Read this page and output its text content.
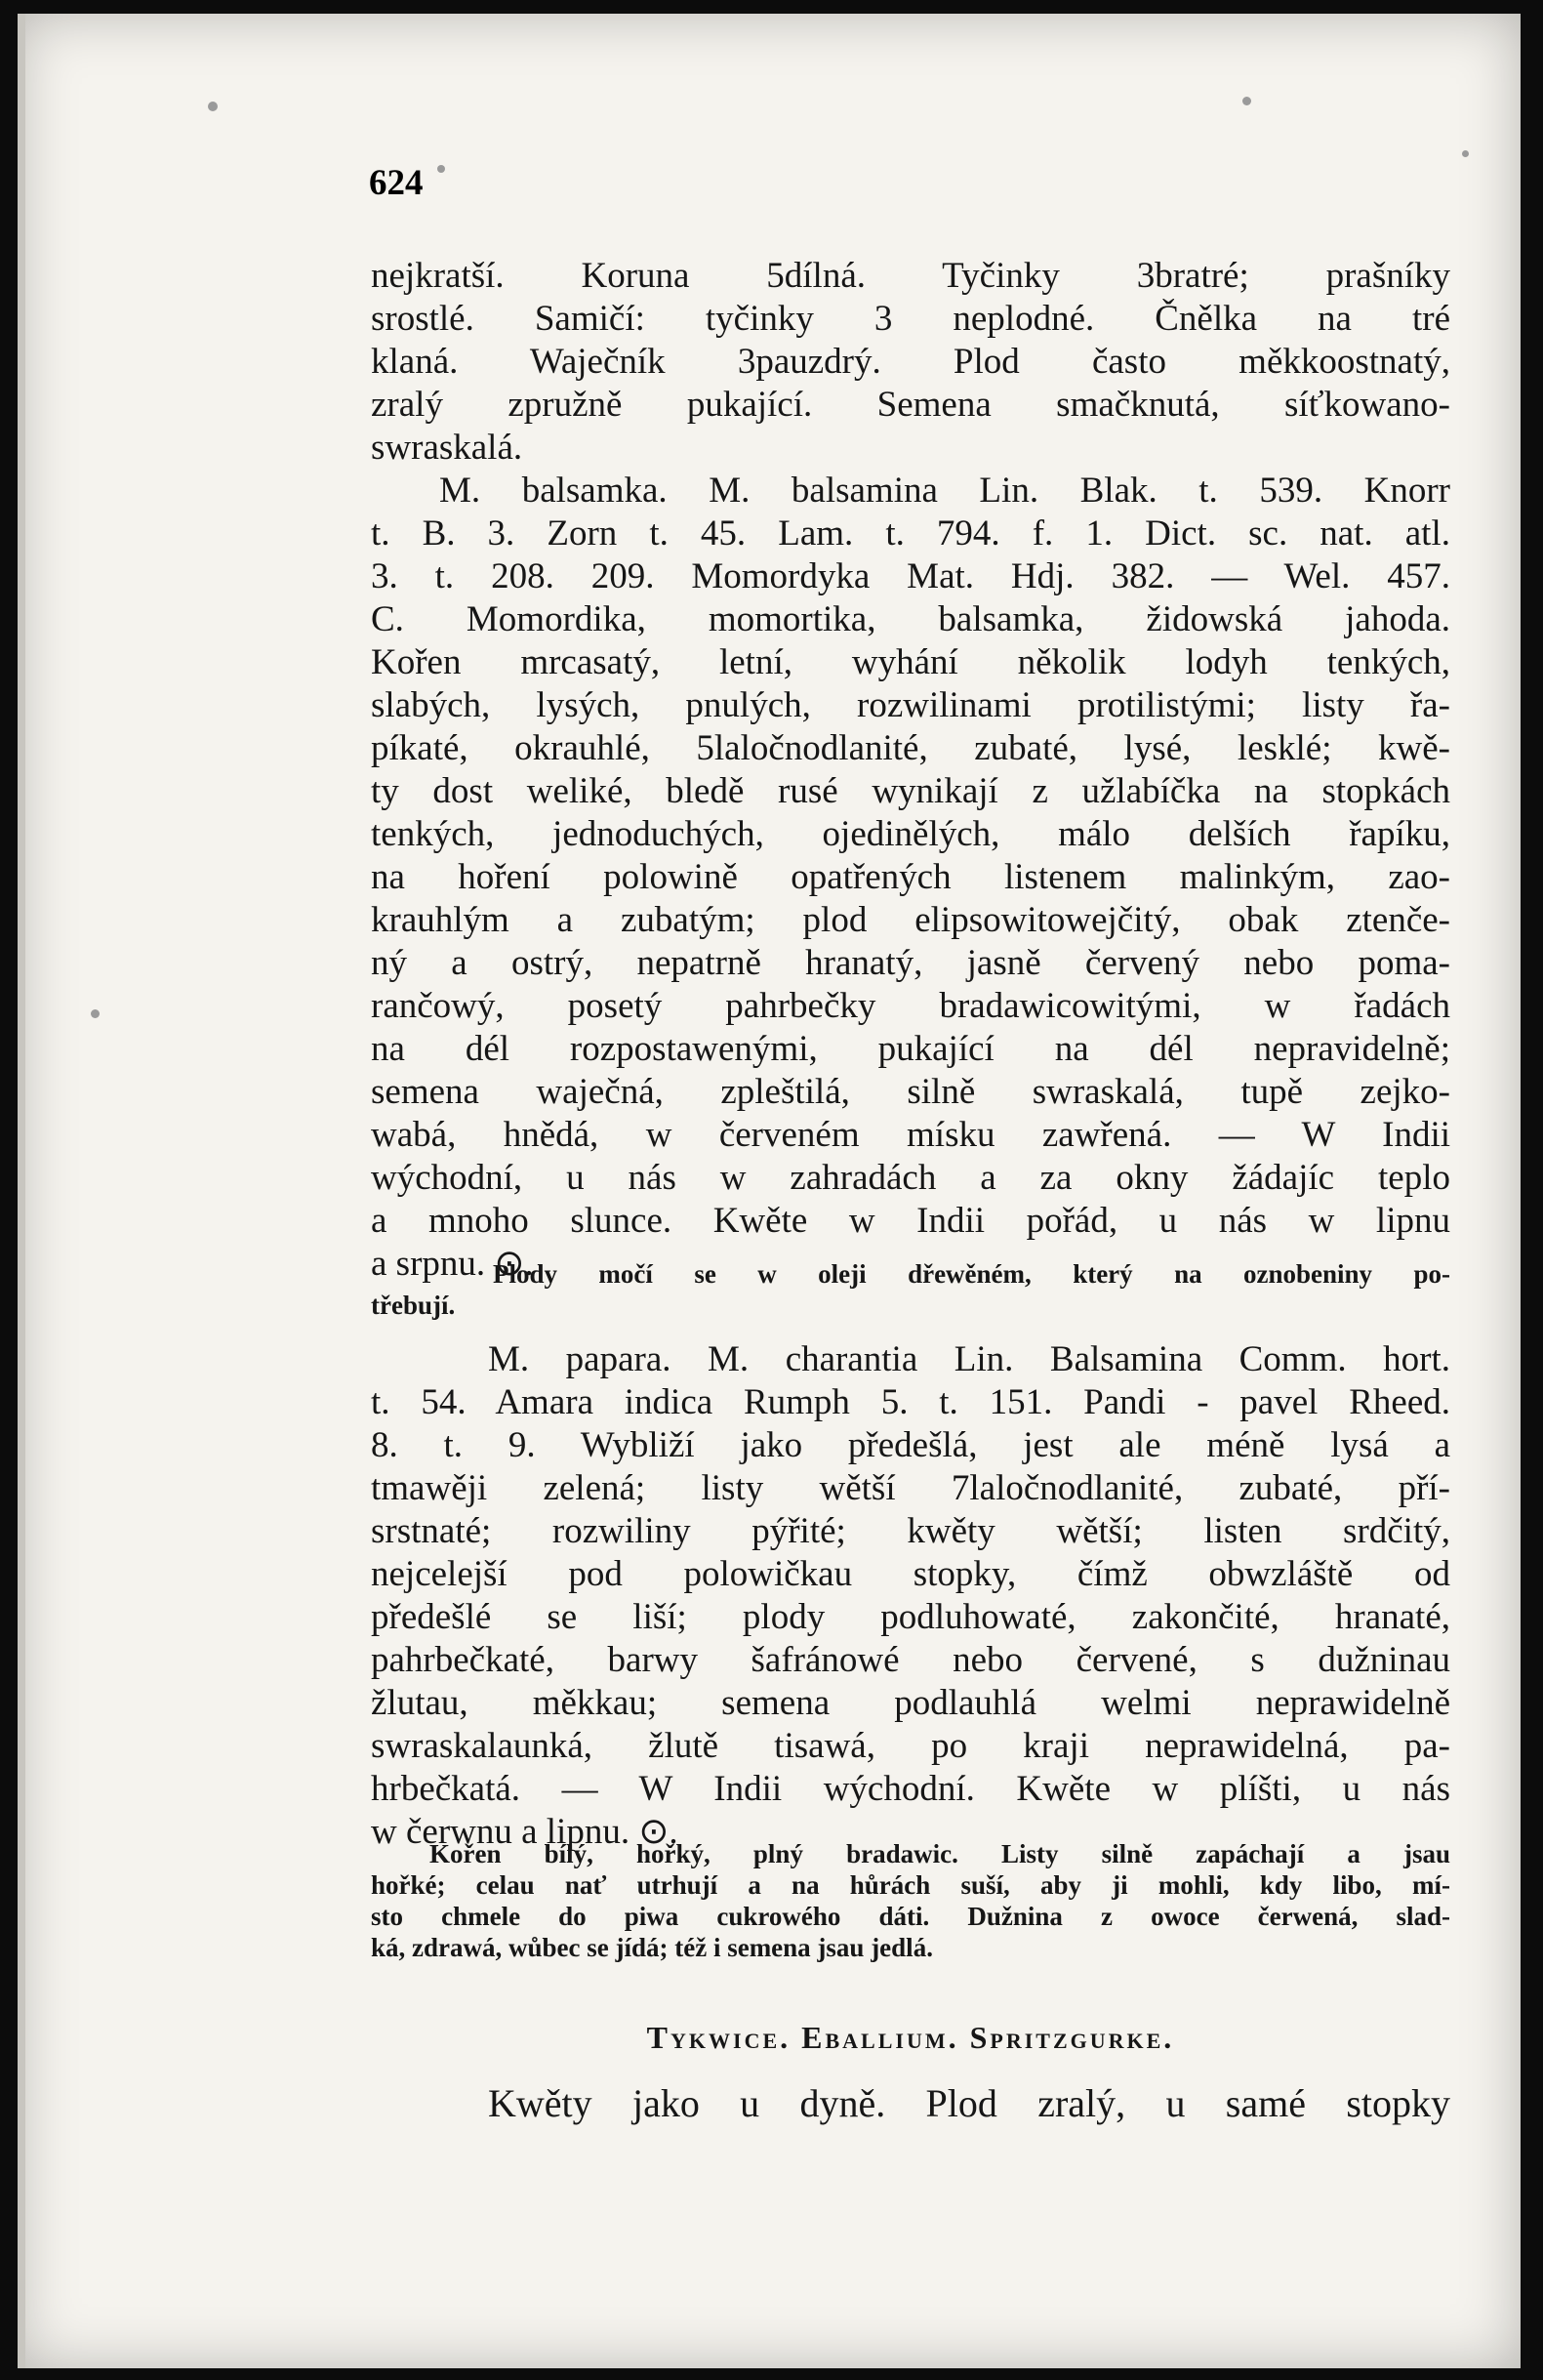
624
nejkratší. Koruna 5dílná. Tyčinky 3bratré; prašníky
srostlé. Samičí: tyčinky 3 neplodné. Čnělka na tré
klaná. Waječník 3pauzdrý. Plod často měkkoostnatý,
zralý zpružně pukající. Semena smačknutá, síťkowano-
swraskalá.
M. balsamka. M. balsamina Lin. Blak. t. 539. Knorr
t. B. 3. Zorn t. 45. Lam. t. 794. f. 1. Dict. sc. nat. atl.
3. t. 208. 209. Momordyka Mat. Hdj. 382. — Wel. 457.
C. Momordika, momortika, balsamka, židowská jahoda.
Kořen mrcasatý, letní, wyhání několik lodyh tenkých,
slabých, lysých, pnulých, rozwilinami protilistými; listy řa-
píkaté, okrauhlé, 5laločnodlanité, zubaté, lysé, lesklé; kwě-
ty dost weliké, bledě rusé wynikají z užlabíčka na stopkách
tenkých, jednoduchých, ojedinělých, málo delších řapíku,
na hoření polowině opatřených listenem malinkým, zao-
krauhlým a zubatým; plod elipsowitowejčitý, obak ztenče-
ný a ostrý, nepatrně hranatý, jasně červený nebo poma-
rančowý, posetý pahrbečky bradawicowitými, w řadách
na dél rozpostawenými, pukající na dél nepravidelně;
semena waječná, zpleštilá, silně swraskalá, tupě zejko-
wabá, hnědá, w červeném mísku zawřená. — W Indii
wýchodní, u nás w zahradách a za okny žádajíc teplo
a mnoho slunce. Kwěte w Indii pořád, u nás w lipnu
a srpnu. ⊙.
Plody močí se w oleji dřewěném, který na oznobeniny po-
třebují.
M. papara. M. charantia Lin. Balsamina Comm. hort.
t. 54. Amara indica Rumph 5. t. 151. Pandi - pavel Rheed.
8. t. 9. Wybliží jako předešlá, jest ale méně lysá a
tmawěji zelená; listy wětší 7laločnodlanité, zubaté, pří-
srstnaté; rozwiliny pýřité; kwěty wětší; listen srdčitý,
nejcelejší pod polowičkau stopky, čímž obwzláště od
předešlé se liší; plody podluhowaté, zakončité, hranaté,
pahrbečkaté, barwy šafránowé nebo červené, s dužninau
žlutau, měkkau; semena podlauhlá welmi neprawidelně
swraskalaunká, žlutě tisawá, po kraji neprawidelná, pa-
hrbečkatá. — W Indii wýchodní. Kwěte w plíšti, u nás
w čerwnu a lipnu. ⊙.
Kořen bílý, hořký, plný bradawic. Listy silně zapáchají a jsau
hořké; celau nať utrhují a na hůrách suší, aby ji mohli, kdy libo, mí-
sto chmele do piwa cukrowého dáti. Dužnina z owoce čerwená, slad-
ká, zdrawá, wůbec se jídá; též i semena jsau jedlá.
Tykwice. Eballium. Spritzgurke.
Kwěty jako u dyně. Plod zralý, u samé stopky
